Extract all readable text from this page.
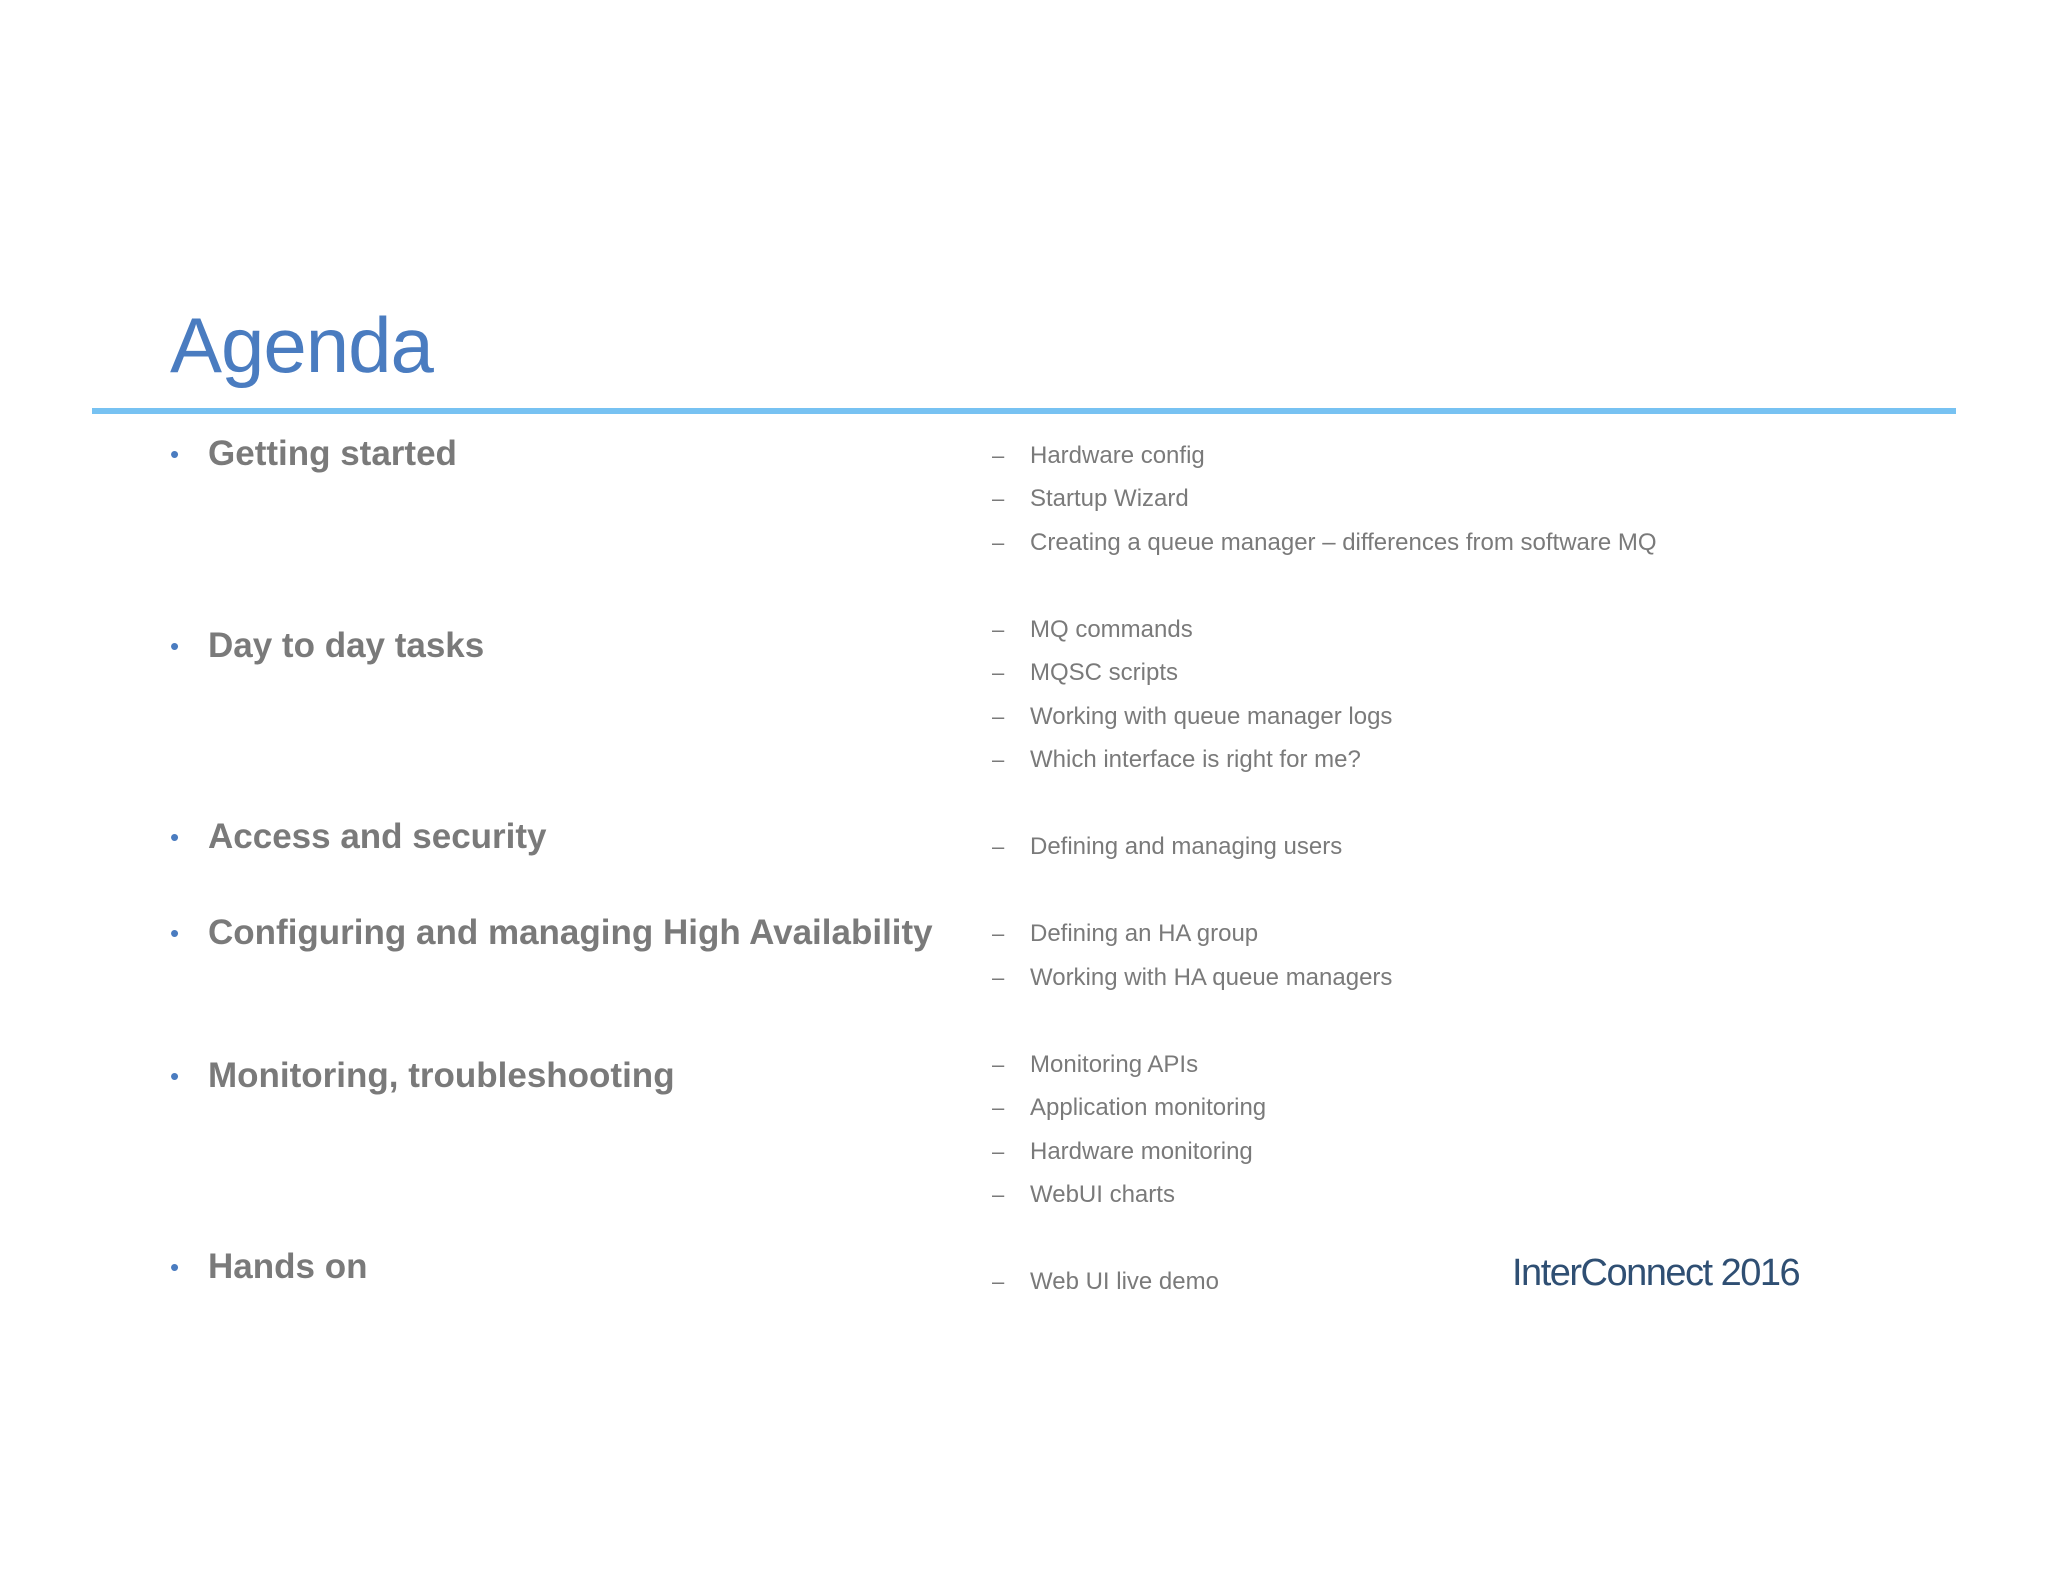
Agenda
• Getting started	–	Hardware config
–	Startup Wizard
–	Creating a queue manager – differences from software MQ
• Day to day tasks	–	MQ commands
–	MQSC scripts
–	Working with queue manager logs
–	Which interface is right for me?
• Access and security	–	Defining and managing users
• Configuring and managing High Availability	–	Defining an HA group
–	Working with HA queue managers
• Monitoring, troubleshooting	–	Monitoring APIs
–	Application monitoring
–	Hardware monitoring
–	WebUI charts
• Hands on	–	Web UI live demo	InterConnect 2016
